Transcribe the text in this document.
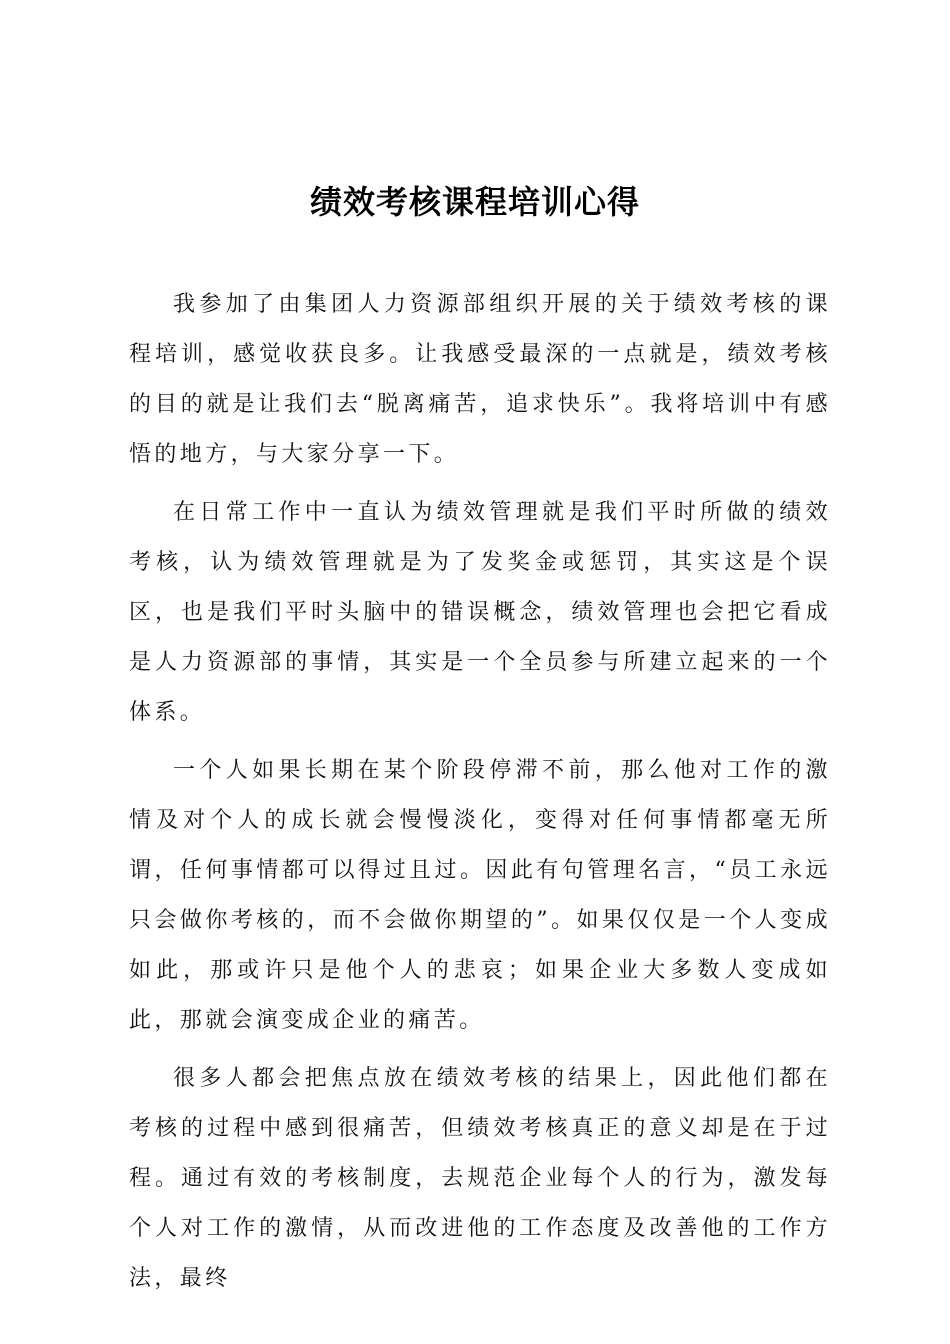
绩效考核课程培训心得

我参加了由集团人力资源部组织开展的关于绩效考核的课程培训，感觉收获良多。让我感受最深的一点就是，绩效考核的目的就是让我们去“脱离痛苦，追求快乐”。我将培训中有感悟的地方，与大家分享一下。

在日常工作中一直认为绩效管理就是我们平时所做的绩效考核，认为绩效管理就是为了发奖金或惩罚，其实这是个误区，也是我们平时头脑中的错误概念，绩效管理也会把它看成是人力资源部的事情，其实是一个全员参与所建立起来的一个体系。

一个人如果长期在某个阶段停滞不前，那么他对工作的激情及对个人的成长就会慢慢淡化，变得对任何事情都毫无所谓，任何事情都可以得过且过。因此有句管理名言，“员工永远只会做你考核的，而不会做你期望的”。如果仅仅是一个人变成如此，那或许只是他个人的悲哀；如果企业大多数人变成如此，那就会演变成企业的痛苦。

很多人都会把焦点放在绩效考核的结果上，因此他们都在考核的过程中感到很痛苦，但绩效考核真正的意义却是在于过程。通过有效的考核制度，去规范企业每个人的行为，激发每个人对工作的激情，从而改进他的工作态度及改善他的工作方法，最终
